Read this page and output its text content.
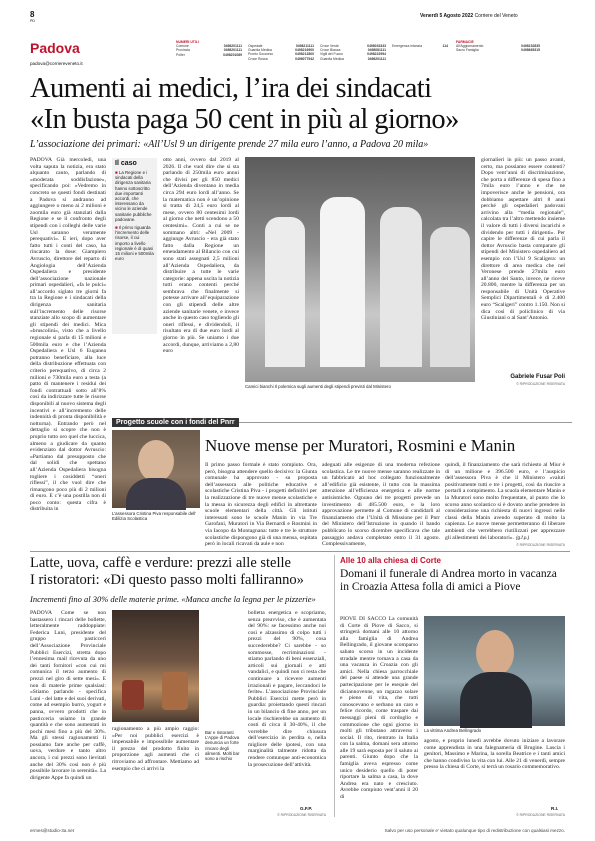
8
PD
Venerdì 5 Agosto 2022 Corriere del Veneto
Padova
padova@corriereveneto.it
NUMERI UTILI
Comune	0498201111
Provincia	0498201111
Polfer	0498201089
Ospedale	0498211111
Guardia Medica	0498216900
Pronto Soccorso	0498212800
Croce Rossa	0498077542
Croce Verde	0498033333
Croce Bianca	0498081111
Vigili del Fuoco	0498222994
Guardia Medica	0498201111
Emergenza infanzia	114
FARMACIE
All'Aggiornamento	0498152835
Sacro Famiglia	0498665315
Aumenti ai medici, l’ira dei sindacati
«In busta paga 50 cent in più al giorno»
L’associazione dei primari: «All’Usl 9 un dirigente prende 27 mila euro l’anno, a Padova 20 mila»
PADOVA Già mercoledì, una volta saputa la notizia, era stato alquanto cauto, parlando di «moderata soddisfazione», specificando poi: «Vedremo in concreto se questi fondi destinati a Padova si andranno ad aggiungere o meno ai 2 milioni e zoomila euro già stanziati dalla Regione e se il confronto degli stipendi con i colleghi delle varie Usl saranno veramente perequativi». E ieri, dopo aver fatto tutti i conti del caso, ha rincarato la dose: Giampiero Avruscio, direttore del reparto di Angiologia dell’Azienda Ospedaliera e presidente dell’associazione nazionale primari ospedalieri, «fa le pulci» all’accordo siglato tre giorni fa tra la Regione e i sindacati della dirigenza sanitaria sull’incremento delle risorse stanziate allo scopo di aumentare gli stipendi dei medici. Mica «bruscolini», visto che a livello regionale si parla di 15 milioni e 500mila euro e che l’Azienda Ospedaliera e Usl 6 Euganea potranno beneficiare, alla luce della distribuzione effettuata con criterio perequativo, di circa 2 milioni e 730mila euro a testa (a patto di mantenere i residui dei fondi contrattuali sotto all’8% così da indirizzare tutte le risorse disponibili al nuovo sistema degli incentivi e all’incremento delle indennità di pronta disponibilità e notturna). Entrando però nel dettaglio si scopre che non è proprio tutto oro quel che luccica, almeno a giudicare da quanto evidenziato dal dottor Avruscio: «Partiamo dal presupposto che dal solidi che spettano all’Azienda Ospedaliera bisogna togliere i cosiddetti “oneri riflessi”, il che vuol dire che rimangono poco più di 2 milioni di euro. E c’è una postilla non di poco conto: questa cifra è distribuita in
Il caso
■ La Regione e i sindacati della dirigenza sanitaria hanno sottoscritto due importanti accordi, che interessano da vicino le aziende sanitarie pubbliche padovane.
■ Il primo riguarda l’incremento delle risorse, il cui importo a livello regionale è di quasi 15 milioni e 500mila euro
otto anni, ovvero dal 2019 al 2026. Il che vuol dire che si sta parlando di 250mila euro annui che divisi per gli 850 medici dell’Azienda diventano in media circa 294 euro lordi all’anno. Se la matematica non è un’opinione si tratta di 24,5 euro lordi al mese, ovvero 80 centesimi lordi al giorno che netti scendono a 50 centesimi». Conti a cui se ne sommano altri: «Nel 2009 - aggiunge Avruscio - era già stato fatto dalla Regione un emendamento al Bilancio con cui sono stati assegnati 2,5 milioni all’Azienda Ospedaliera, da distribuire a tutte le varie categorie: appena uscita la notizia tutti erano contenti perché sembrava che finalmente si potesse arrivare all’equiparazione con gli stipendi delle altre aziende sanitarie venete, e invece anche in questo caso togliendo gli oneri riflessi, e dividendoli, il risultato era di due euro lordi al giorno in più. Se uniamo i due accordi, dunque, arriviamo a 2,80 euro
Camici bianchi Il polemica sugli aumenti degli stipendi previsti dal Ministero
giornalieri in più: un passo avanti, certo, ma possiamo essere contenti? Dopo vent’anni di discriminazione, che porta a differenze di spesa fino a 7mila euro l’anno e che ne impoverisce anche le pensioni, ora dobbiamo aspettare altri 8 anni perché gli ospedalieri padovani arrivino alla “media regionale”, calcolata tra l’altro mettendo insieme il valore di tutti i diversi incarichi e dividendo per tutti i dirigenti». Per capire le differenze di cui parla il dottor Avruscio basta comparare gli stipendi del Ministero ospedaliero ad esempio con l’Usl 9 Scaligera: un direttore di area medica che nel Veronese prende 27mila euro all’anno del Santo, invece, ne riceve 20.800, mentre la differenza per un responsabile di Unità Operative Semplici Dipartimentali è di 2.400 euro “Scaligeri” contro 1.150. Non si dica così di policlinico di via Giustiniani o al Sant’Antonio.
Gabriele Fusar Poli
© RIPRODUZIONE RISERVATA
Progetto scuole con i fondi del Pnrr
Nuove mense per Muratori, Rosmini e Manin
L’assessora Cristina Piva responsabile dell’ Edilizia Scolastica
Il primo passo formale è stato compiuto. Ora, però, bisogna attendere quello decisivo: la Giunta comunale ha approvato - su proposta dell’assessora alle politiche educative e scolastiche Cristina Piva - i progetti definitivi per la realizzazione di tre nuove mense scolastiche e la messa in sicurezza degli edifici in altrettante scuole elementari della città. Gli istituti interessati sono le scuole Manin in via Tre Garofani, Muratori in Via Bernardi e Rosmini in via Iacopo da Montagnana: tutte e tre le strutture scolastiche dispongono già di una mensa, ospitata però in locali ricavati da aule e non
adeguati alle esigenze di una moderna refezione scolastica. Le tre nuove mense saranno realizzate in un fabbricato ad hoc collegato funzionalmente all’edificio già esistente, il tutto con la massima attenzione all’efficienza energetica e alle norme antisismiche. Ognuno dei tre progetti prevede un investimento di 485.500 euro, e la loro approvazione permette al Comune di candidarli al finanziamento che l’Unità di Missione per il Pnrr del Ministero dell’Istruzione in quando il bando pubblicato lo scorso dicembre specificava che tale passaggio andava completato entro il 31 agosto. Complessivamente,
quindi, il finanziamento che sarà richiesto al Miur è di un milione e 396.500 euro, e l’auspicio dell’assessora Piva è che il Ministero «valuti positivamente tutti e tre i progetti, così da riuscire a portarli a compimento. La scuola elementare Manin e la Muratori sono molto frequentate, al punto che lo scorso anno scolastico si è dovuto anche prendere in considerazione una richiesta di nuovi ingressi nelle classi della Manin avendo superato di molto la capienza. Le nuove mense permetteranno di liberare ambienti che verrebbero riutilizzati per apprezzare gli allestimenti dei laboratori». (g.f.p.)
© RIPRODUZIONE RISERVATA
Latte, uova, caffè e verdure: prezzi alle stelle
I ristoratori: «Di questo passo molti falliranno»
Incrementi fino al 30% delle materie prime. «Manca anche la legna per le pizzerie»
PADOVA Come se non bastassero i rincari delle bollette, letteralmente raddoppiate: Federica Luni, presidente del gruppo pasticceri dell’Associazione Provinciale Pubblici Esercizi, stretta dopo l’ennesima mail ricevuta da uno dei tanti fornitori «con cui mi comunica il terzo aumento di prezzi nel giro di sette mesi». E non di materie prime qualsiasi: «Stiamo parlando - specifica Luni - del latte e dei suoi derivati, come ad esempio burro, yogurt e panna, ovvero prodotti che in pasticceria usiamo in grande quantità e che sono aumentati in pochi mesi fino a più del 30%. Ma gli stessi ragionamenti li possiamo fare anche per caffè, uova, verdure e tanto altro ancora, i cui prezzi sono lievitati anche del 30% così non è più possibile lavorare in serenità». La dirigente Appe fa quindi un
ragionamento a più ampio raggio: «Per noi pubblici esercizi è impensabile e impossibile aumentare il prezzo del prodotto finito in proporzione agli aumenti che ci ritroviamo ad affrontare. Mettiamo ad esempio che ci arrivi la
Bar e ristoranti L’Appe di Padova denuncia un forte rincaro degli alimenti. Molti bar sono a rischio
bolletta energetica e scopriamo, senza preavviso, che è aumentata del 90%: se facessimo anche noi così e alzassimo di colpo tutti i prezzi del 90%, cosa succederebbe? Ci sarebbe - so sommosse, recriminazioni - stiamo parlando di beni essenziali, articoli sui giornali e atti vandalici, e quindi non ci resta che continuare a ricevere aumenti irrazionali e pagare, leccandoci le ferite». L’associazione Provinciale Pubblici Esercizi mette però in guardia: proiettando questi rincari in un bilancio di fine anno, per un locale rischierebbe un aumento di costi di circa il 30-40%, il che vorrebbe dire chiusura dell’esercizio in perdita o, nella migliore delle ipotesi, con una marginalità talmente ridotta da rendere comunque anti-economica la prosecuzione dell’attività.
G.F.P.
© RIPRODUZIONE RISERVATA
Alle 10 alla chiesa di Corte
Domani il funerale di Andrea morto in vacanza in Croazia Attesa folla di amici a Piove
PIOVE DI SACCO La comunità di Corte di Piove di Sacco, si stringerà domani alle 10 attorno alla famiglia di Andrea Bellingrado, il giovane scomparso sabato scorso in un incidente stradale mentre tornava a casa da una vacanza in Croazia con gli amici. Nella chiesa parrocchiale del paese si attende una grande partecipazione per le esequie del diciannovenne, un ragazzo solare e pieno di vita, che tutti conoscevano e serbano un caro e felice ricordo, come traspare dai messaggi pieni di cordoglio e commozione che ogni giorno in molti gli tributano attraverso i social. Il rito, rientrato in Italia con la salma, domani sera attorno alle 19 sarà esposta per il saluto ai parenti. Giunto dopo che la famiglia aveva espresso come unico desiderio quello di poter riportare la salma a casa, la dove Andrea era nato e cresciuto. Avrebbe compiuto vent’anni il 20 di
La vittima Andrea Bellingrado
agosto, e proprio lunedì avrebbe dovuto iniziare a lavorare come apprendista in una falegnameria di Brugine. Lascia i genitori, Massimo e Marina, la sorella Beatrice e i tanti amici che hanno condiviso la vita con lui. Alle 21 di venerdì, sempre presso la chiesa di Corte, si terrà un rosario commemorativo.
R.I.
© RIPRODUZIONE RISERVATA
ermes@studio-3a.net	Salvo per uso personale e' vietato qualunque tipo di redistribuzione con qualsiasi mezzo.
